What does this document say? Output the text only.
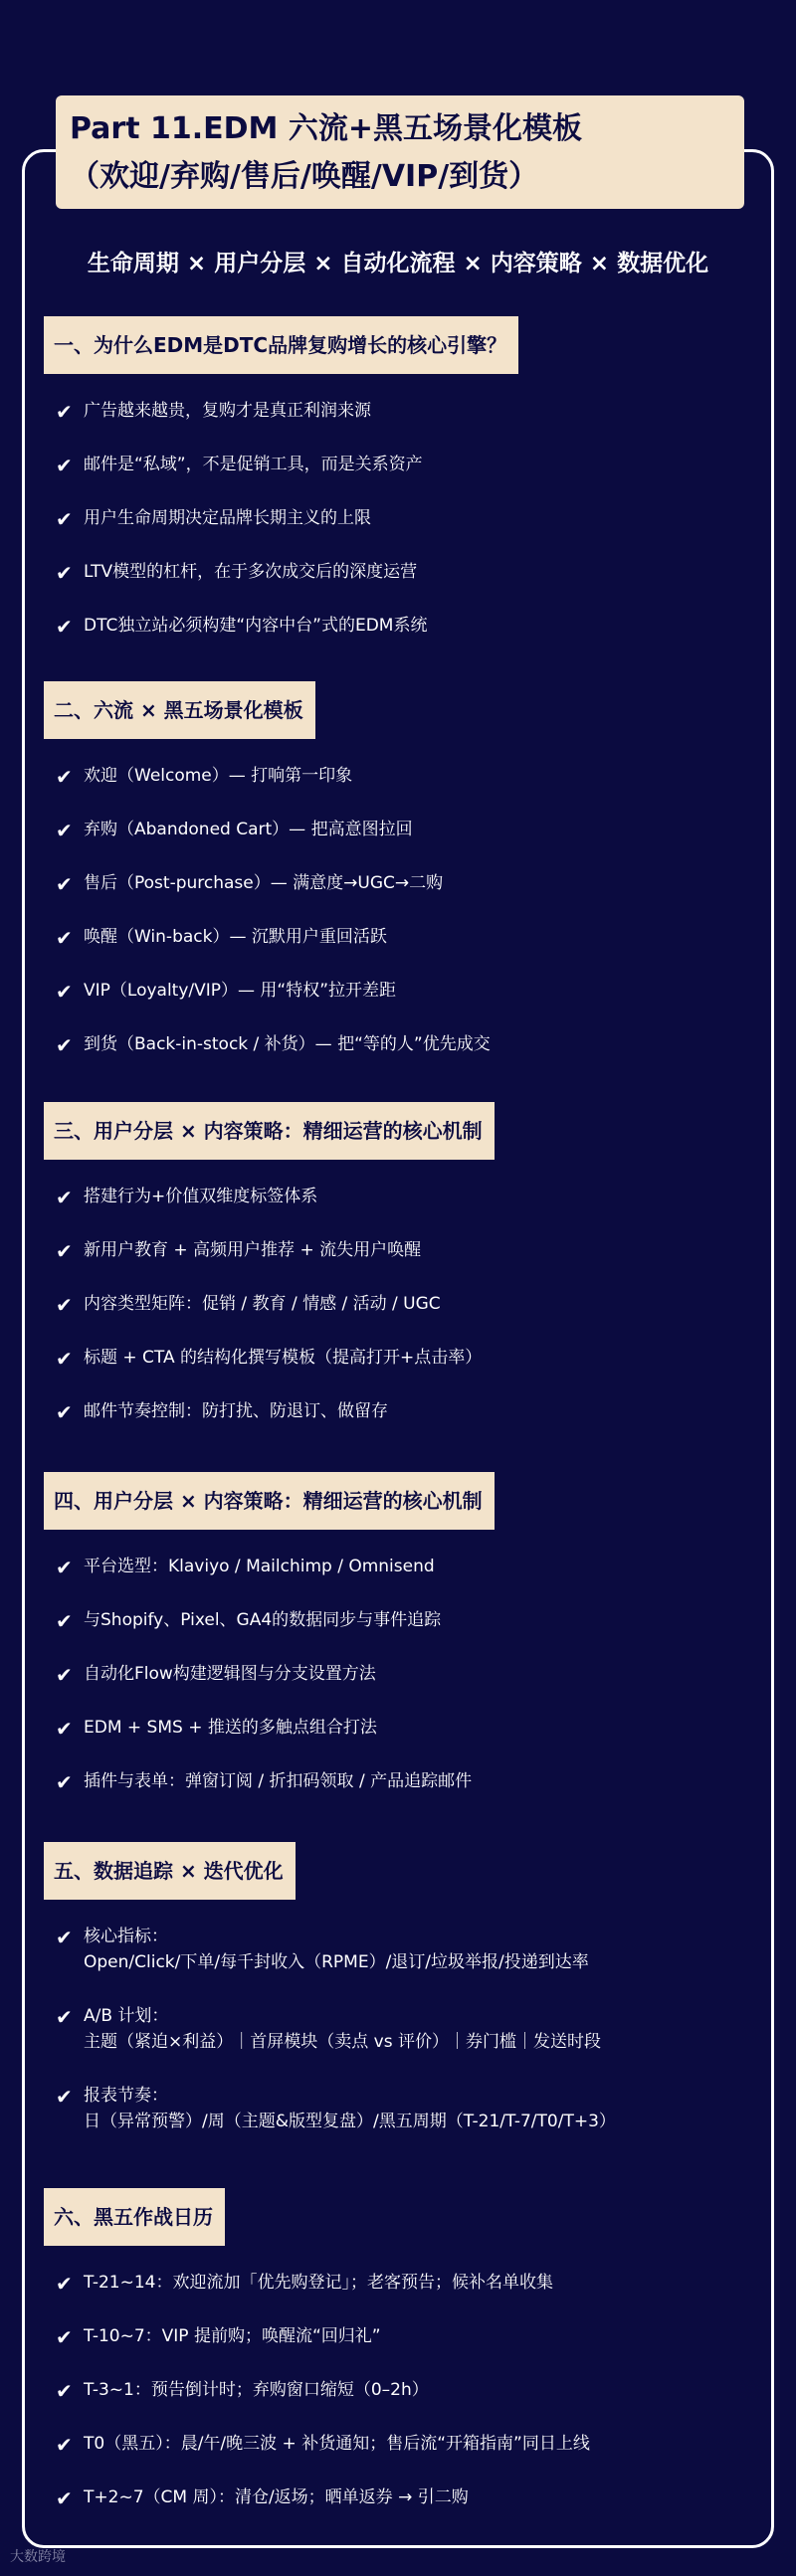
Part 11.EDM 六流+黑五场景化模板
（欢迎/弃购/售后/唤醒/VIP/到货）
生命周期 × 用户分层 × 自动化流程 × 内容策略 × 数据优化
一、为什么EDM是DTC品牌复购增长的核心引擎？
✔ 广告越来越贵，复购才是真正利润来源
✔ 邮件是“私域”，不是促销工具，而是关系资产
✔ 用户生命周期决定品牌长期主义的上限
✔ LTV模型的杠杆，在于多次成交后的深度运营
✔ DTC独立站必须构建“内容中台”式的EDM系统
二、六流 × 黑五场景化模板
✔ 欢迎（Welcome）— 打响第一印象
✔ 弃购（Abandoned Cart）— 把高意图拉回
✔ 售后（Post-purchase）— 满意度→UGC→二购
✔ 唤醒（Win-back）— 沉默用户重回活跃
✔ VIP（Loyalty/VIP）— 用“特权”拉开差距
✔ 到货（Back-in-stock / 补货）— 把“等的人”优先成交
三、用户分层 × 内容策略：精细运营的核心机制
✔ 搭建行为+价值双维度标签体系
✔ 新用户教育 + 高频用户推荐 + 流失用户唤醒
✔ 内容类型矩阵：促销 / 教育 / 情感 / 活动 / UGC
✔ 标题 + CTA 的结构化撰写模板（提高打开+点击率）
✔ 邮件节奏控制：防打扰、防退订、做留存
四、用户分层 × 内容策略：精细运营的核心机制
✔ 平台选型：Klaviyo / Mailchimp / Omnisend
✔ 与Shopify、Pixel、GA4的数据同步与事件追踪
✔ 自动化Flow构建逻辑图与分支设置方法
✔ EDM + SMS + 推送的多触点组合打法
✔ 插件与表单：弹窗订阅 / 折扣码领取 / 产品追踪邮件
五、数据追踪 × 迭代优化
✔ 核心指标：
Open/Click/下单/每千封收入（RPME）/退订/垃圾举报/投递到达率
✔ A/B 计划：
主题（紧迫×利益）｜首屏模块（卖点 vs 评价）｜券门槛｜发送时段
✔ 报表节奏：
日（异常预警）/周（主题&版型复盘）/黑五周期（T-21/T-7/T0/T+3）
六、黑五作战日历
✔ T-21~14：欢迎流加「优先购登记」；老客预告；候补名单收集
✔ T-10~7：VIP 提前购；唤醒流“回归礼”
✔ T-3~1：预告倒计时；弃购窗口缩短（0–2h）
✔ T0（黑五）：晨/午/晚三波 + 补货通知；售后流“开箱指南”同日上线
✔ T+2~7（CM 周）：清仓/返场；晒单返券 → 引二购
大数跨境
